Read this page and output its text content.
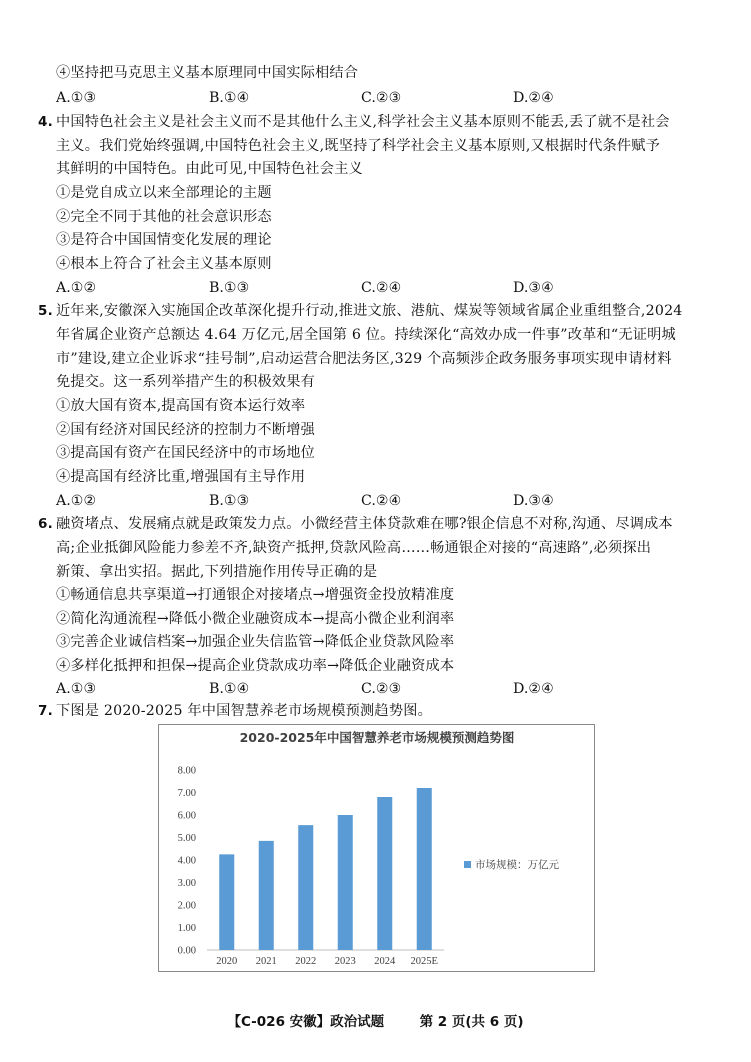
④坚持把马克思主义基本原理同中国实际相结合
A.①③	B.①④	C.②③	D.②④
4. 中国特色社会主义是社会主义而不是其他什么主义,科学社会主义基本原则不能丢,丢了就不是社会
主义。我们党始终强调,中国特色社会主义,既坚持了科学社会主义基本原则,又根据时代条件赋予
其鲜明的中国特色。由此可见,中国特色社会主义
①是党自成立以来全部理论的主题
②完全不同于其他的社会意识形态
③是符合中国国情变化发展的理论
④根本上符合了社会主义基本原则
A.①②	B.①③	C.②④	D.③④
5. 近年来,安徽深入实施国企改革深化提升行动,推进文旅、港航、煤炭等领域省属企业重组整合,2024
年省属企业资产总额达 4.64 万亿元,居全国第 6 位。持续深化“高效办成一件事”改革和“无证明城
市”建设,建立企业诉求“挂号制”,启动运营合肥法务区,329 个高频涉企政务服务事项实现申请材料
免提交。这一系列举措产生的积极效果有
①放大国有资本,提高国有资本运行效率
②国有经济对国民经济的控制力不断增强
③提高国有资产在国民经济中的市场地位
④提高国有经济比重,增强国有主导作用
A.①②	B.①③	C.②④	D.③④
6. 融资堵点、发展痛点就是政策发力点。小微经营主体贷款难在哪?银企信息不对称,沟通、尽调成本
高;企业抵御风险能力参差不齐,缺资产抵押,贷款风险高……畅通银企对接的“高速路”,必须探出
新策、拿出实招。据此,下列措施作用传导正确的是
①畅通信息共享渠道→打通银企对接堵点→增强资金投放精准度
②简化沟通流程→降低小微企业融资成本→提高小微企业利润率
③完善企业诚信档案→加强企业失信监管→降低企业贷款风险率
④多样化抵押和担保→提高企业贷款成功率→降低企业融资成本
A.①③	B.①④	C.②③	D.②④
7. 下图是 2020-2025 年中国智慧养老市场规模预测趋势图。
2020-2025年中国智慧养老市场规模预测趋势图
0.00
1.00
2.00
3.00
4.00
5.00
6.00
7.00
8.00
2020 2021 2022 2023 2024 2025E
市场规模：万亿元
【C-026 安徽】政治试题	第 2 页(共 6 页)
